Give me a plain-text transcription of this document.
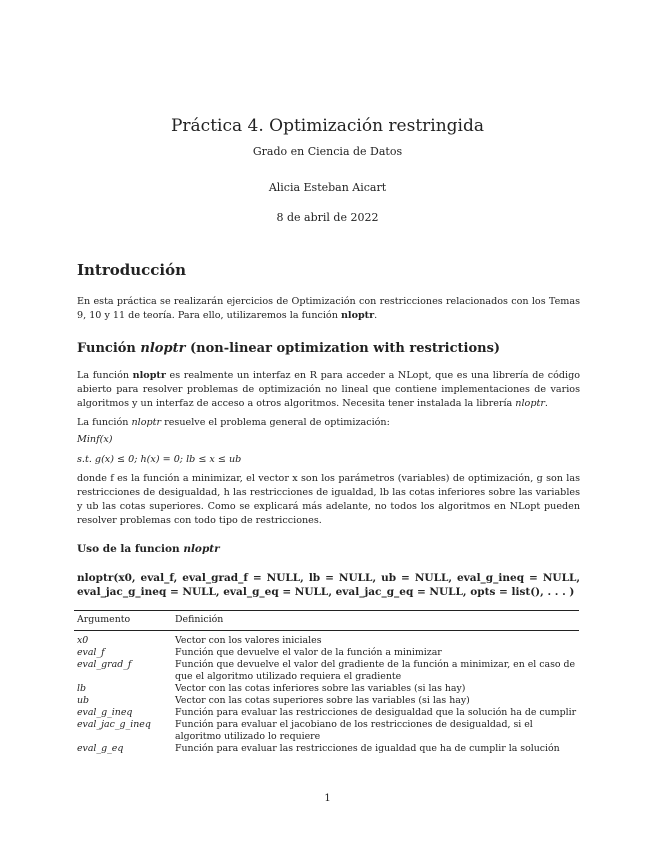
Práctica 4. Optimización restringida
Grado en Ciencia de Datos
Alicia Esteban Aicart
8 de abril de 2022
Introducción
En esta práctica se realizarán ejercicios de Optimización con restricciones relacionados con los Temas 9, 10 y 11 de teoría. Para ello, utilizaremos la función nloptr.
Función nloptr (non-linear optimization with restrictions)
La función nloptr es realmente un interfaz en R para acceder a NLopt, que es una librería de código abierto para resolver problemas de optimización no lineal que contiene implementaciones de varios algoritmos y un interfaz de acceso a otros algoritmos. Necesita tener instalada la librería nloptr.
La función nloptr resuelve el problema general de optimización:
Minf(x)
s.t. g(x) ≤ 0; h(x) = 0; lb ≤ x ≤ ub
donde f es la función a minimizar, el vector x son los parámetros (variables) de optimización, g son las restricciones de desigualdad, h las restricciones de igualdad, lb las cotas inferiores sobre las variables y ub las cotas superiores. Como se explicará más adelante, no todos los algoritmos en NLopt pueden resolver problemas con todo tipo de restricciones.
Uso de la funcion nloptr
nloptr(x0, eval_f, eval_grad_f = NULL, lb = NULL, ub = NULL, eval_g_ineq = NULL, eval_jac_g_ineq = NULL, eval_g_eq = NULL, eval_jac_g_eq = NULL, opts = list(), . . . )
Argumento	Definición
x0	Vector con los valores iniciales
eval_f	Función que devuelve el valor de la función a minimizar
eval_grad_f	Función que devuelve el valor del gradiente de la función a minimizar, en el caso de que el algoritmo utilizado requiera el gradiente
lb	Vector con las cotas inferiores sobre las variables (si las hay)
ub	Vector con las cotas superiores sobre las variables (si las hay)
eval_g_ineq	Función para evaluar las restricciones de desigualdad que la solución ha de cumplir
eval_jac_g_ineq	Función para evaluar el jacobiano de los restricciones de desigualdad, si el algoritmo utilizado lo requiere
eval_g_eq	Función para evaluar las restricciones de igualdad que ha de cumplir la solución
1
